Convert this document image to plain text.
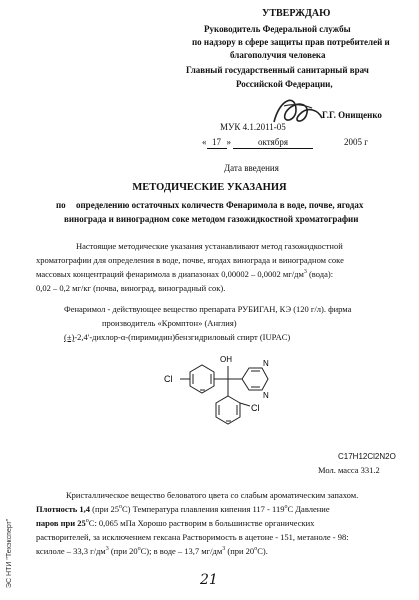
УТВЕРЖДАЮ
Руководитель Федеральной службы
по надзору в сфере защиты прав потребителей и
благополучия человека
Главный государственный санитарный врач
Российской Федерации,
Г.Г. Онищенко
МУК 4.1.2011-05
« 17 »	октября	2005 г
Дата введения
МЕТОДИЧЕСКИЕ УКАЗАНИЯ
по определению остаточных количеств Фенаримола в воде, почве, ягодах
винограда и виноградном соке методом газожидкостной хроматографии
Настоящие методические указания устанавливают метод газожидкостной
хроматографии для определения в воде, почве, ягодах винограда и виноградном соке
массовых концентраций фенаримола в диапазонах 0,00002 – 0,0002 $мг/дм^3$ (вода):
0,02 – 0,2 мг/кг (почва, виноград, виноградный сок).
Фенаримол - действующее вещество препарата РУБИГАН, КЭ (120 г/л). фирма
производитель «Кромптон» (Англия)
(±)-2,4'-дихлор-α-(пиримидин)бензгидриловый спирт (IUPAC)
Cl
OH	N
N
Cl
C17H12Cl2N2O
Мол. масса 331.2
Кристаллическое вещество беловатого цвета со слабым ароматическим запахом.
Плотность 1,4 (при $25^оC$) Температура плавления кипения $117 - 119^оC$ Давление
паров при $25^оC$: 0,065 мПа Хорошо растворим в большинстве органических
растворителей, за исключением гексана Растворимость в ацетоне - 151, метаноле - 98:
ксилоле – 33,3 $г/дм^3$ (при $20^оC$); в воде – 13,7 $мг/дм^3$ (при $20^оC$).
21
ЭС НТИ "Техэксперт"
